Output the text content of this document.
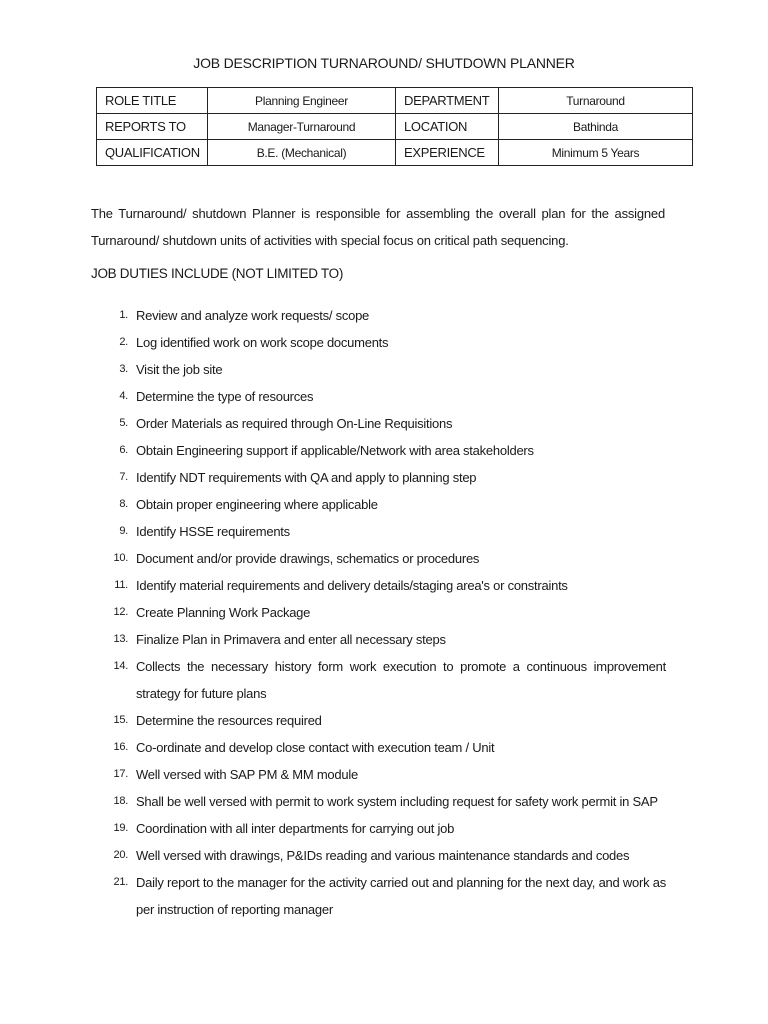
JOB DESCRIPTION TURNAROUND/ SHUTDOWN PLANNER
ROLE TITLE	Planning Engineer	DEPARTMENT	Turnaround
REPORTS TO	Manager-Turnaround	LOCATION	Bathinda
QUALIFICATION	B.E. (Mechanical)	EXPERIENCE	Minimum 5 Years

The Turnaround/ shutdown Planner is responsible for assembling the overall plan for the assigned Turnaround/ shutdown units of activities with special focus on critical path sequencing.

JOB DUTIES INCLUDE (NOT LIMITED TO)
1. Review and analyze work requests/ scope
2. Log identified work on work scope documents
3. Visit the job site
4. Determine the type of resources
5. Order Materials as required through On-Line Requisitions
6. Obtain Engineering support if applicable/Network with area stakeholders
7. Identify NDT requirements with QA and apply to planning step
8. Obtain proper engineering where applicable
9. Identify HSSE requirements
10. Document and/or provide drawings, schematics or procedures
11. Identify material requirements and delivery details/staging area's or constraints
12. Create Planning Work Package
13. Finalize Plan in Primavera and enter all necessary steps
14. Collects the necessary history form work execution to promote a continuous improvement strategy for future plans
15. Determine the resources required
16. Co-ordinate and develop close contact with execution team / Unit
17. Well versed with SAP PM & MM module
18. Shall be well versed with permit to work system including request for safety work permit in SAP
19. Coordination with all inter departments for carrying out job
20. Well versed with drawings, P&IDs reading and various maintenance standards and codes
21. Daily report to the manager for the activity carried out and planning for the next day, and work as per instruction of reporting manager
